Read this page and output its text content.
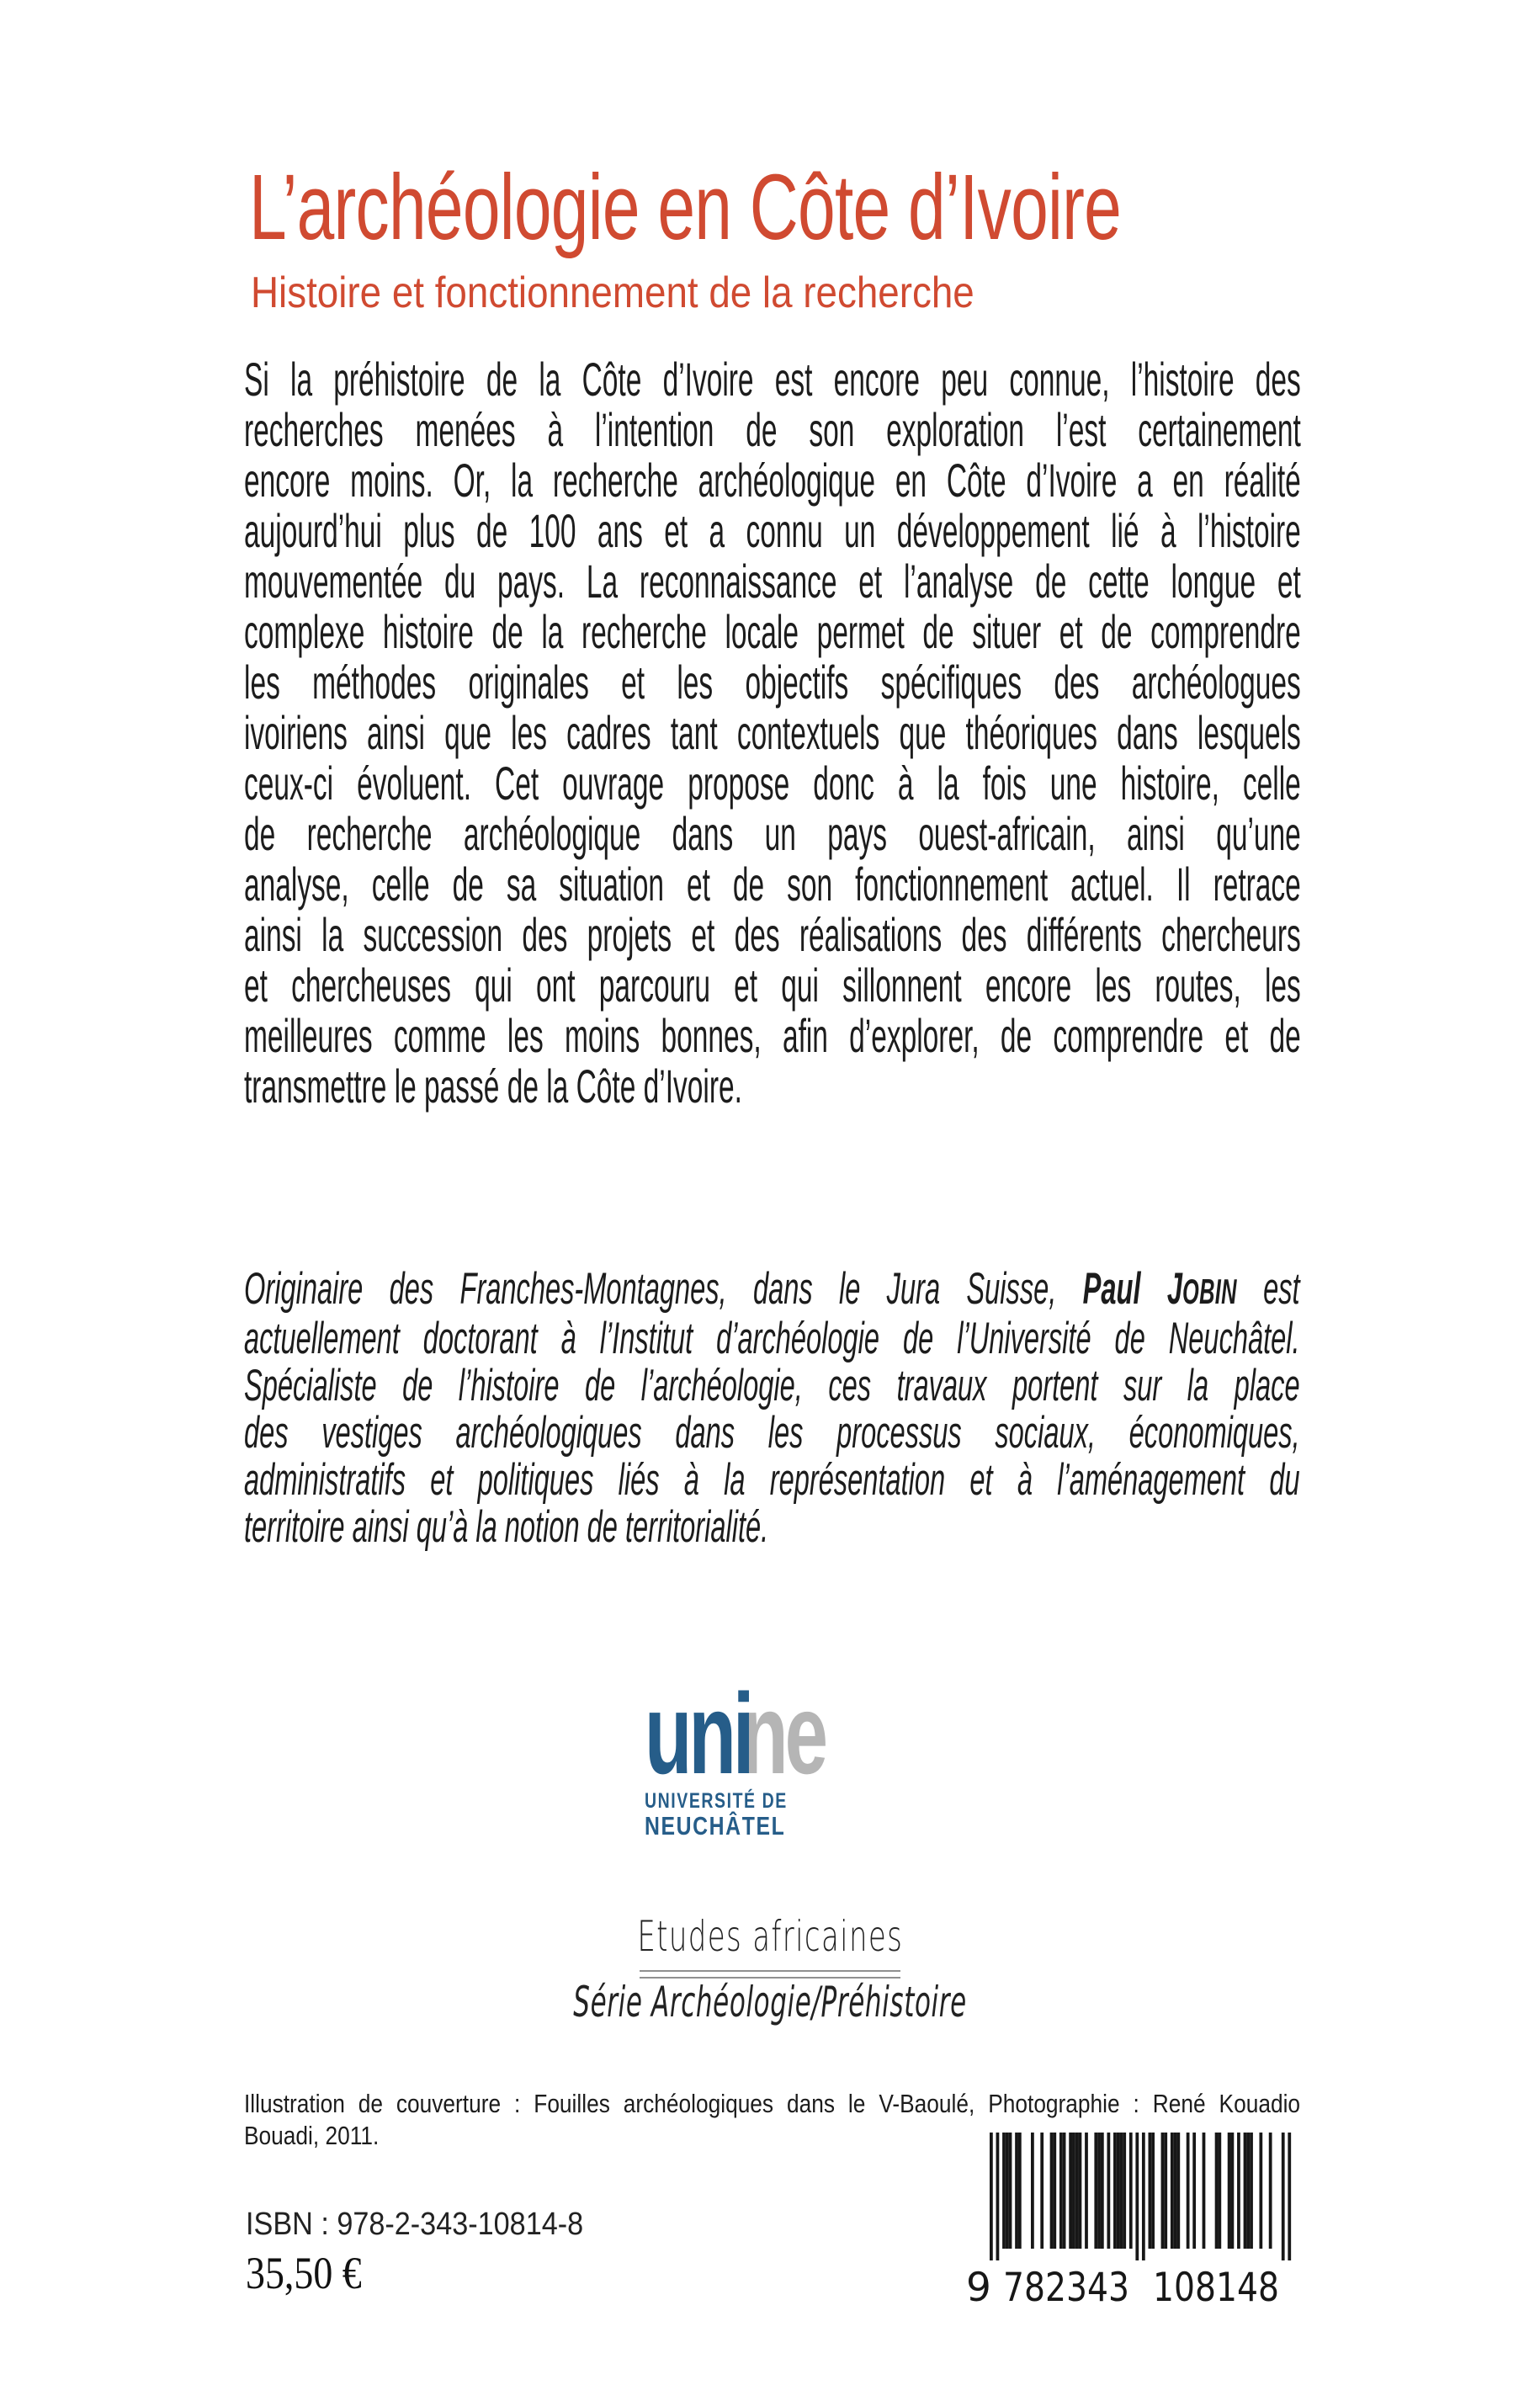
L’archéologie en Côte d’Ivoire
Histoire et fonctionnement de la recherche
Si la préhistoire de la Côte d’Ivoire est encore peu connue, l’histoire des
recherches menées à l’intention de son exploration l’est certainement
encore moins. Or, la recherche archéologique en Côte d’Ivoire a en réalité
aujourd’hui plus de 100 ans et a connu un développement lié à l’histoire
mouvementée du pays. La reconnaissance et l’analyse de cette longue et
complexe histoire de la recherche locale permet de situer et de comprendre
les méthodes originales et les objectifs spécifiques des archéologues
ivoiriens ainsi que les cadres tant contextuels que théoriques dans lesquels
ceux-ci évoluent. Cet ouvrage propose donc à la fois une histoire, celle
de recherche archéologique dans un pays ouest-africain, ainsi qu’une
analyse, celle de sa situation et de son fonctionnement actuel. Il retrace
ainsi la succession des projets et des réalisations des différents chercheurs
et chercheuses qui ont parcouru et qui sillonnent encore les routes, les
meilleures comme les moins bonnes, afin d’explorer, de comprendre et de
transmettre le passé de la Côte d’Ivoire.
Originaire des Franches-Montagnes, dans le Jura Suisse, Paul JOBIN est
actuellement doctorant à l’Institut d’archéologie de l’Université de Neuchâtel.
Spécialiste de l’histoire de l’archéologie, ces travaux portent sur la place
des vestiges archéologiques dans les processus sociaux, économiques,
administratifs et politiques liés à la représentation et à l’aménagement du
territoire ainsi qu’à la notion de territorialité.
unine
UNIVERSITÉ DE
NEUCHÂTEL
Etudes africaines
Série Archéologie/Préhistoire
Illustration de couverture : Fouilles archéologiques dans le V-Baoulé, Photographie : René Kouadio
Bouadi, 2011.
ISBN : 978-2-343-10814-8
35,50 €	9 782343 108148
